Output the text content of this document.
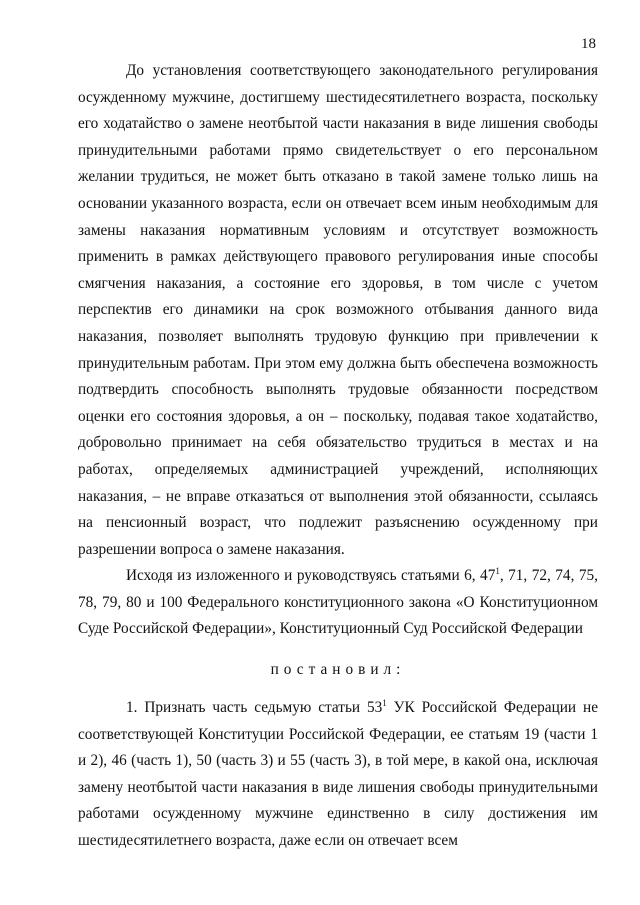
18

До установления соответствующего законодательного регулирования осужденному мужчине, достигшему шестидесятилетнего возраста, поскольку его ходатайство о замене неотбытой части наказания в виде лишения свободы принудительными работами прямо свидетельствует о его персональном желании трудиться, не может быть отказано в такой замене только лишь на основании указанного возраста, если он отвечает всем иным необходимым для замены наказания нормативным условиям и отсутствует возможность применить в рамках действующего правового регулирования иные способы смягчения наказания, а состояние его здоровья, в том числе с учетом перспектив его динамики на срок возможного отбывания данного вида наказания, позволяет выполнять трудовую функцию при привлечении к принудительным работам. При этом ему должна быть обеспечена возможность подтвердить способность выполнять трудовые обязанности посредством оценки его состояния здоровья, а он – поскольку, подавая такое ходатайство, добровольно принимает на себя обязательство трудиться в местах и на работах, определяемых администрацией учреждений, исполняющих наказания, – не вправе отказаться от выполнения этой обязанности, ссылаясь на пенсионный возраст, что подлежит разъяснению осужденному при разрешении вопроса о замене наказания.

Исходя из изложенного и руководствуясь статьями 6, $47^1$, 71, 72, 74, 75, 78, 79, 80 и 100 Федерального конституционного закона «О Конституционном Суде Российской Федерации», Конституционный Суд Российской Федерации

постановил:

1. Признать часть седьмую статьи $53^1$ УК Российской Федерации не соответствующей Конституции Российской Федерации, ее статьям 19 (части 1 и 2), 46 (часть 1), 50 (часть 3) и 55 (часть 3), в той мере, в какой она, исключая замену неотбытой части наказания в виде лишения свободы принудительными работами осужденному мужчине единственно в силу достижения им шестидесятилетнего возраста, даже если он отвечает всем
